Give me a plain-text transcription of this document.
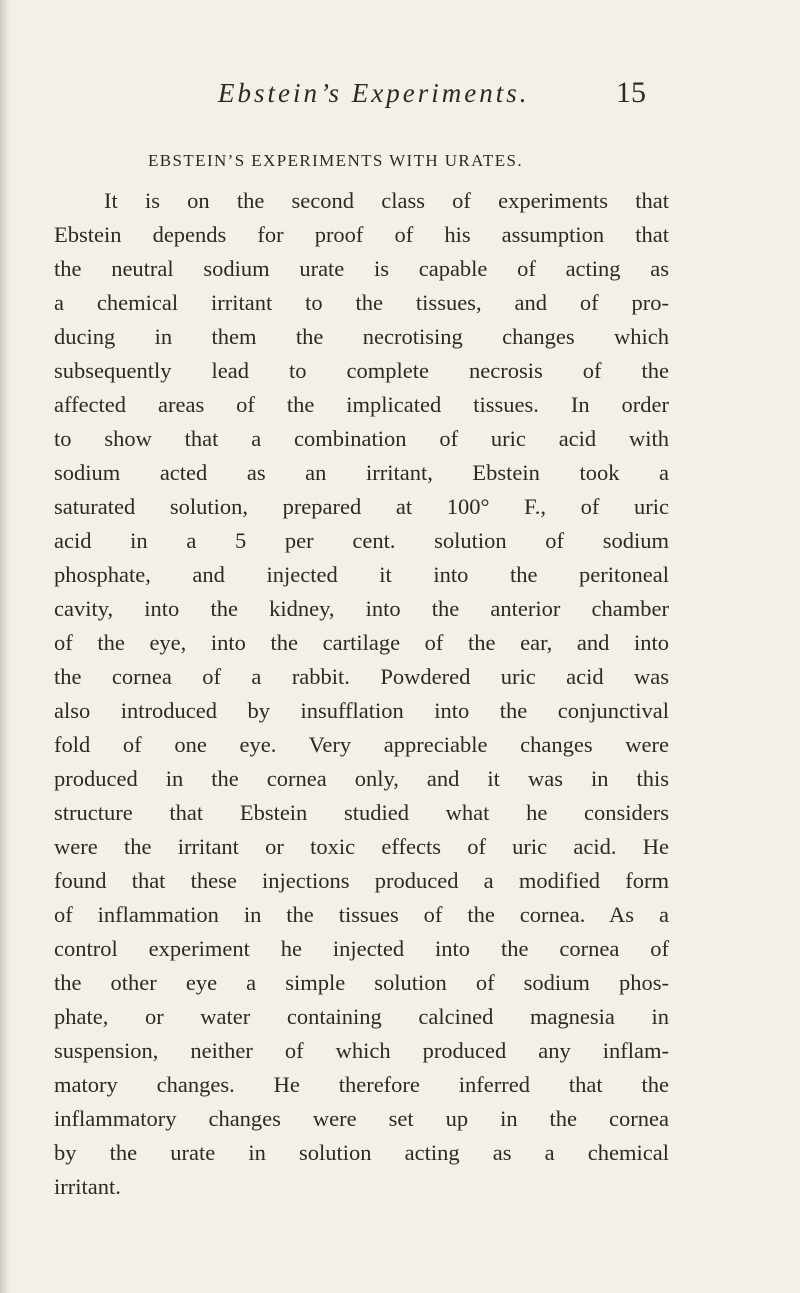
Ebstein’s Experiments.	15
EBSTEIN’S EXPERIMENTS WITH URATES.
It is on the second class of experiments that
Ebstein depends for proof of his assumption that
the neutral sodium urate is capable of acting as
a chemical irritant to the tissues, and of pro-
ducing in them the necrotising changes which
subsequently lead to complete necrosis of the
affected areas of the implicated tissues. In order
to show that a combination of uric acid with
sodium acted as an irritant, Ebstein took a
saturated solution, prepared at 100° F., of uric
acid in a 5 per cent. solution of sodium
phosphate, and injected it into the peritoneal
cavity, into the kidney, into the anterior chamber
of the eye, into the cartilage of the ear, and into
the cornea of a rabbit. Powdered uric acid was
also introduced by insufflation into the conjunctival
fold of one eye. Very appreciable changes were
produced in the cornea only, and it was in this
structure that Ebstein studied what he considers
were the irritant or toxic effects of uric acid. He
found that these injections produced a modified form
of inflammation in the tissues of the cornea. As a
control experiment he injected into the cornea of
the other eye a simple solution of sodium phos-
phate, or water containing calcined magnesia in
suspension, neither of which produced any inflam-
matory changes. He therefore inferred that the
inflammatory changes were set up in the cornea
by the urate in solution acting as a chemical
irritant.
